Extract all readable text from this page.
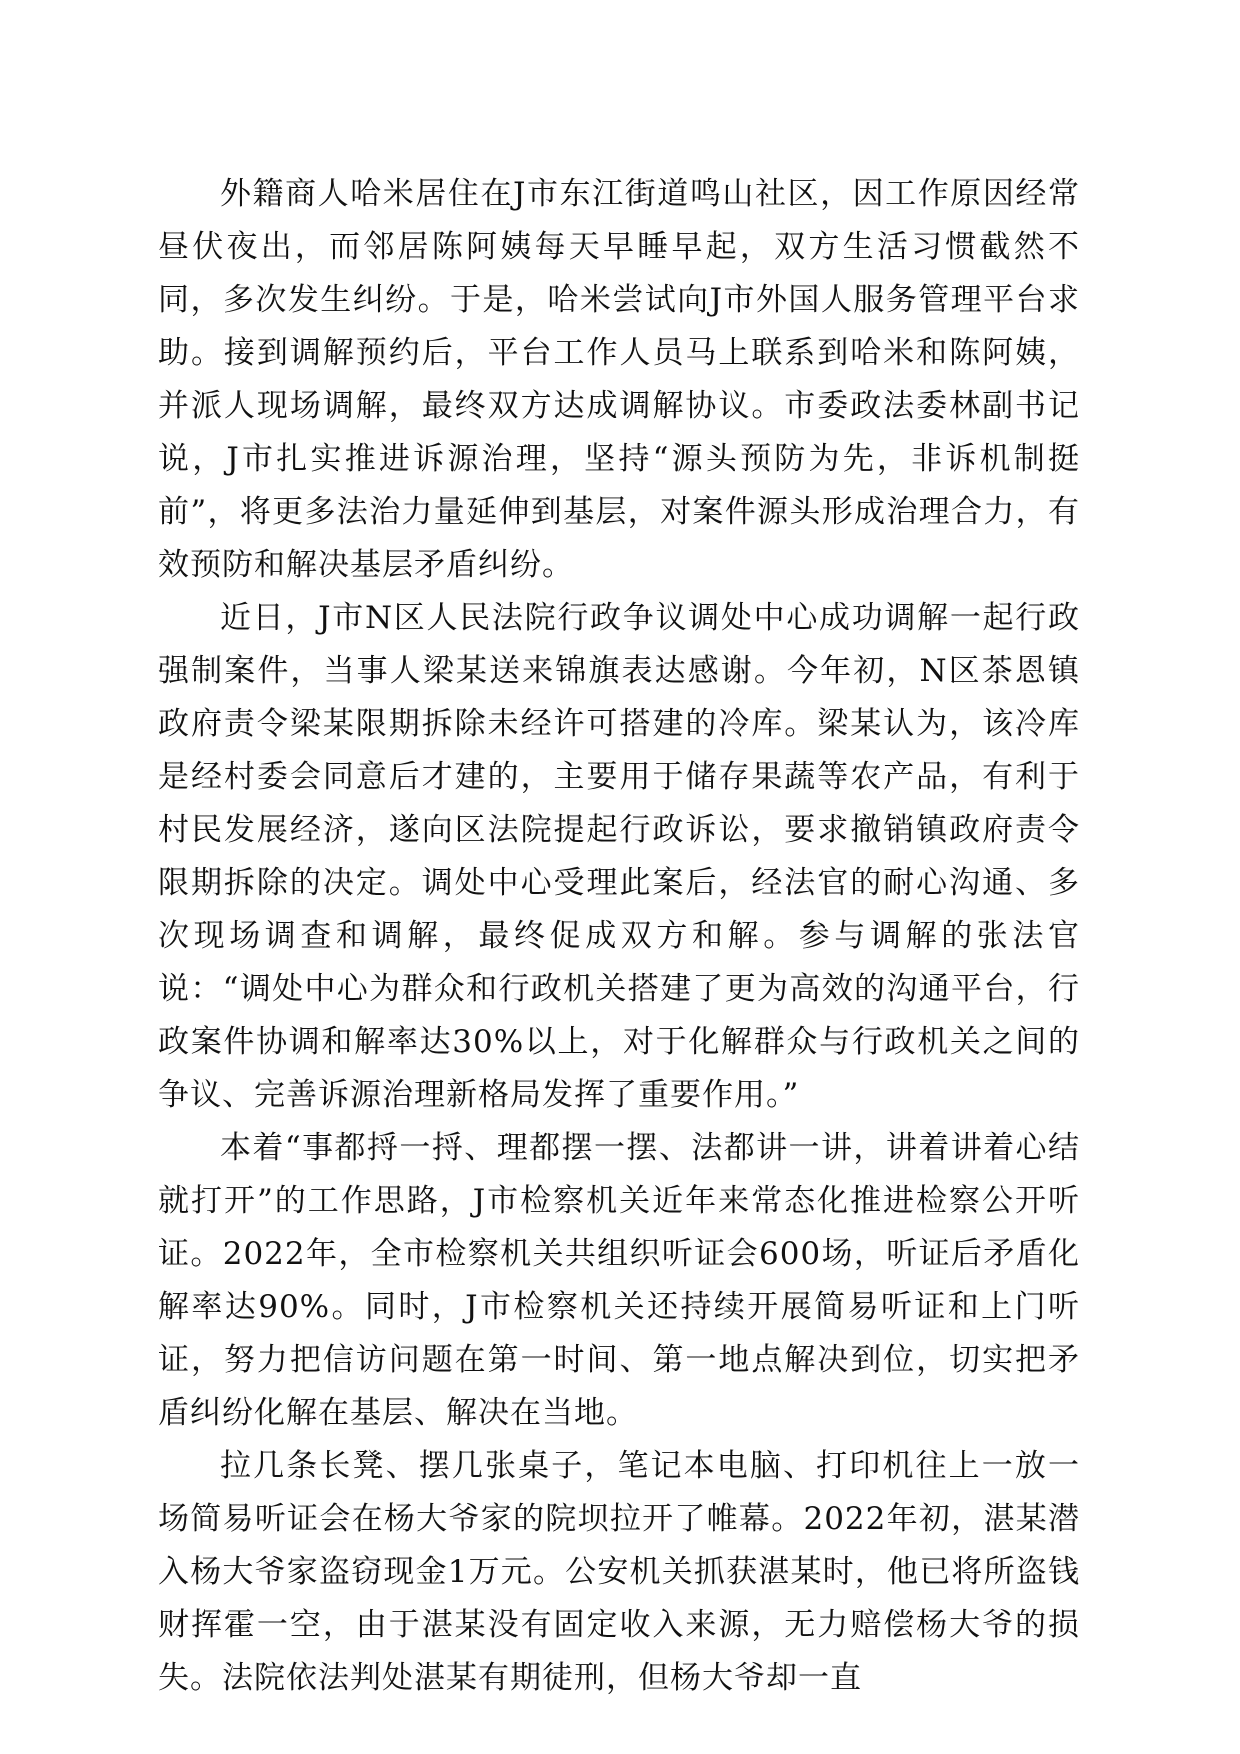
外籍商人哈米居住在J市东江街道鸣山社区，因工作原因经常昼伏夜出，而邻居陈阿姨每天早睡早起，双方生活习惯截然不同，多次发生纠纷。于是，哈米尝试向J市外国人服务管理平台求助。接到调解预约后，平台工作人员马上联系到哈米和陈阿姨，并派人现场调解，最终双方达成调解协议。市委政法委林副书记说，J市扎实推进诉源治理，坚持“源头预防为先，非诉机制挺前”，将更多法治力量延伸到基层，对案件源头形成治理合力，有效预防和解决基层矛盾纠纷。

近日，J市N区人民法院行政争议调处中心成功调解一起行政强制案件，当事人梁某送来锦旗表达感谢。今年初，N区茶恩镇政府责令梁某限期拆除未经许可搭建的冷库。梁某认为，该冷库是经村委会同意后才建的，主要用于储存果蔬等农产品，有利于村民发展经济，遂向区法院提起行政诉讼，要求撤销镇政府责令限期拆除的决定。调处中心受理此案后，经法官的耐心沟通、多次现场调查和调解，最终促成双方和解。参与调解的张法官说：“调处中心为群众和行政机关搭建了更为高效的沟通平台，行政案件协调和解率达30%以上，对于化解群众与行政机关之间的争议、完善诉源治理新格局发挥了重要作用。”

本着“事都捋一捋、理都摆一摆、法都讲一讲，讲着讲着心结就打开”的工作思路，J市检察机关近年来常态化推进检察公开听证。2022年，全市检察机关共组织听证会600场，听证后矛盾化解率达90%。同时，J市检察机关还持续开展简易听证和上门听证，努力把信访问题在第一时间、第一地点解决到位，切实把矛盾纠纷化解在基层、解决在当地。

拉几条长凳、摆几张桌子，笔记本电脑、打印机往上一放一场简易听证会在杨大爷家的院坝拉开了帷幕。2022年初，湛某潜入杨大爷家盗窃现金1万元。公安机关抓获湛某时，他已将所盗钱财挥霍一空，由于湛某没有固定收入来源，无力赔偿杨大爷的损失。法院依法判处湛某有期徒刑，但杨大爷却一直
